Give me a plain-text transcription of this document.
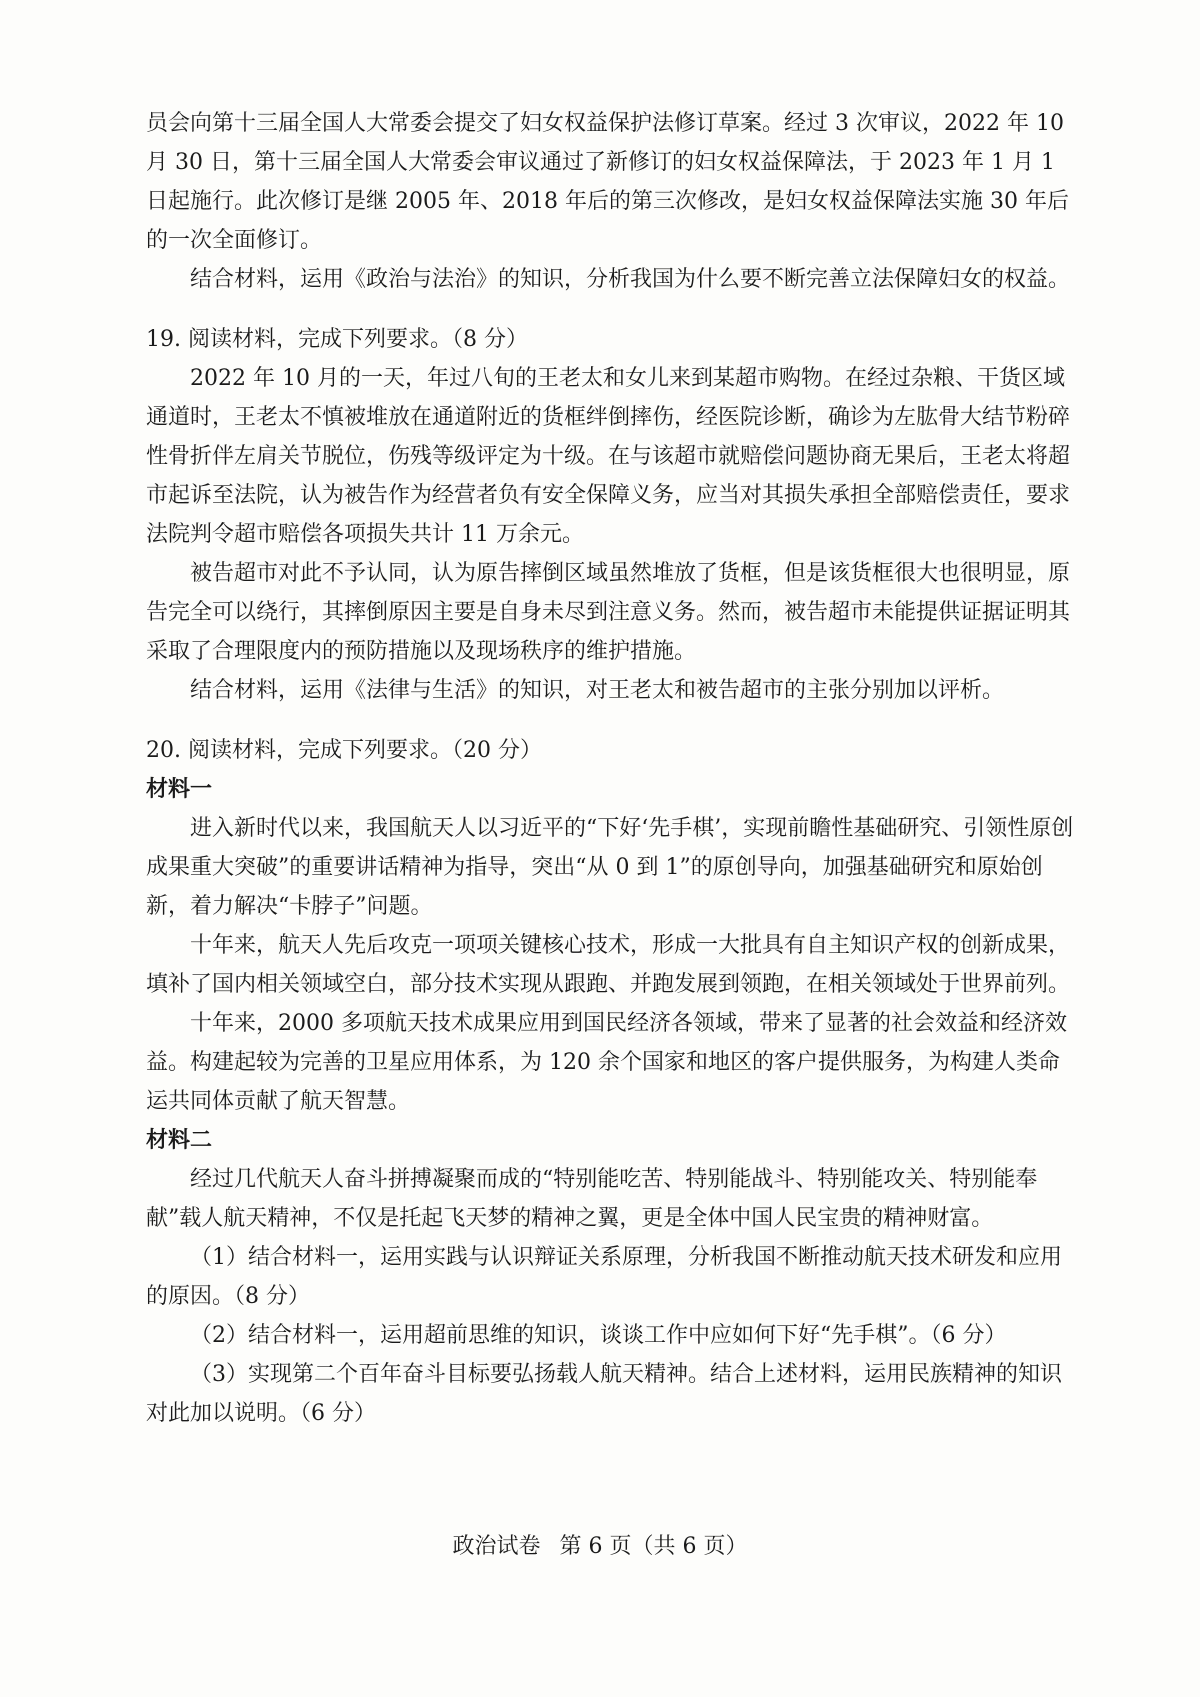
员会向第十三届全国人大常委会提交了妇女权益保护法修订草案。经过 3 次审议，2022 年 10 月 30 日，第十三届全国人大常委会审议通过了新修订的妇女权益保障法，于 2023 年 1 月 1 日起施行。此次修订是继 2005 年、2018 年后的第三次修改，是妇女权益保障法实施 30 年后的一次全面修订。

结合材料，运用《政治与法治》的知识，分析我国为什么要不断完善立法保障妇女的权益。

19. 阅读材料，完成下列要求。（8 分）

2022 年 10 月的一天，年过八旬的王老太和女儿来到某超市购物。在经过杂粮、干货区域通道时，王老太不慎被堆放在通道附近的货框绊倒摔伤，经医院诊断，确诊为左肱骨大结节粉碎性骨折伴左肩关节脱位，伤残等级评定为十级。在与该超市就赔偿问题协商无果后，王老太将超市起诉至法院，认为被告作为经营者负有安全保障义务，应当对其损失承担全部赔偿责任，要求法院判令超市赔偿各项损失共计 11 万余元。

被告超市对此不予认同，认为原告摔倒区域虽然堆放了货框，但是该货框很大也很明显，原告完全可以绕行，其摔倒原因主要是自身未尽到注意义务。然而，被告超市未能提供证据证明其采取了合理限度内的预防措施以及现场秩序的维护措施。

结合材料，运用《法律与生活》的知识，对王老太和被告超市的主张分别加以评析。

20. 阅读材料，完成下列要求。（20 分）

材料一

进入新时代以来，我国航天人以习近平的“下好‘先手棋’，实现前瞻性基础研究、引领性原创成果重大突破”的重要讲话精神为指导，突出“从 0 到 1”的原创导向，加强基础研究和原始创新，着力解决“卡脖子”问题。

十年来，航天人先后攻克一项项关键核心技术，形成一大批具有自主知识产权的创新成果，填补了国内相关领域空白，部分技术实现从跟跑、并跑发展到领跑，在相关领域处于世界前列。

十年来，2000 多项航天技术成果应用到国民经济各领域，带来了显著的社会效益和经济效益。构建起较为完善的卫星应用体系，为 120 余个国家和地区的客户提供服务，为构建人类命运共同体贡献了航天智慧。

材料二

经过几代航天人奋斗拼搏凝聚而成的“特别能吃苦、特别能战斗、特别能攻关、特别能奉献”载人航天精神，不仅是托起飞天梦的精神之翼，更是全体中国人民宝贵的精神财富。

（1）结合材料一，运用实践与认识辩证关系原理，分析我国不断推动航天技术研发和应用的原因。（8 分）

（2）结合材料一，运用超前思维的知识，谈谈工作中应如何下好“先手棋”。（6 分）

（3）实现第二个百年奋斗目标要弘扬载人航天精神。结合上述材料，运用民族精神的知识对此加以说明。（6 分）

政治试卷 第 6 页（共 6 页）
